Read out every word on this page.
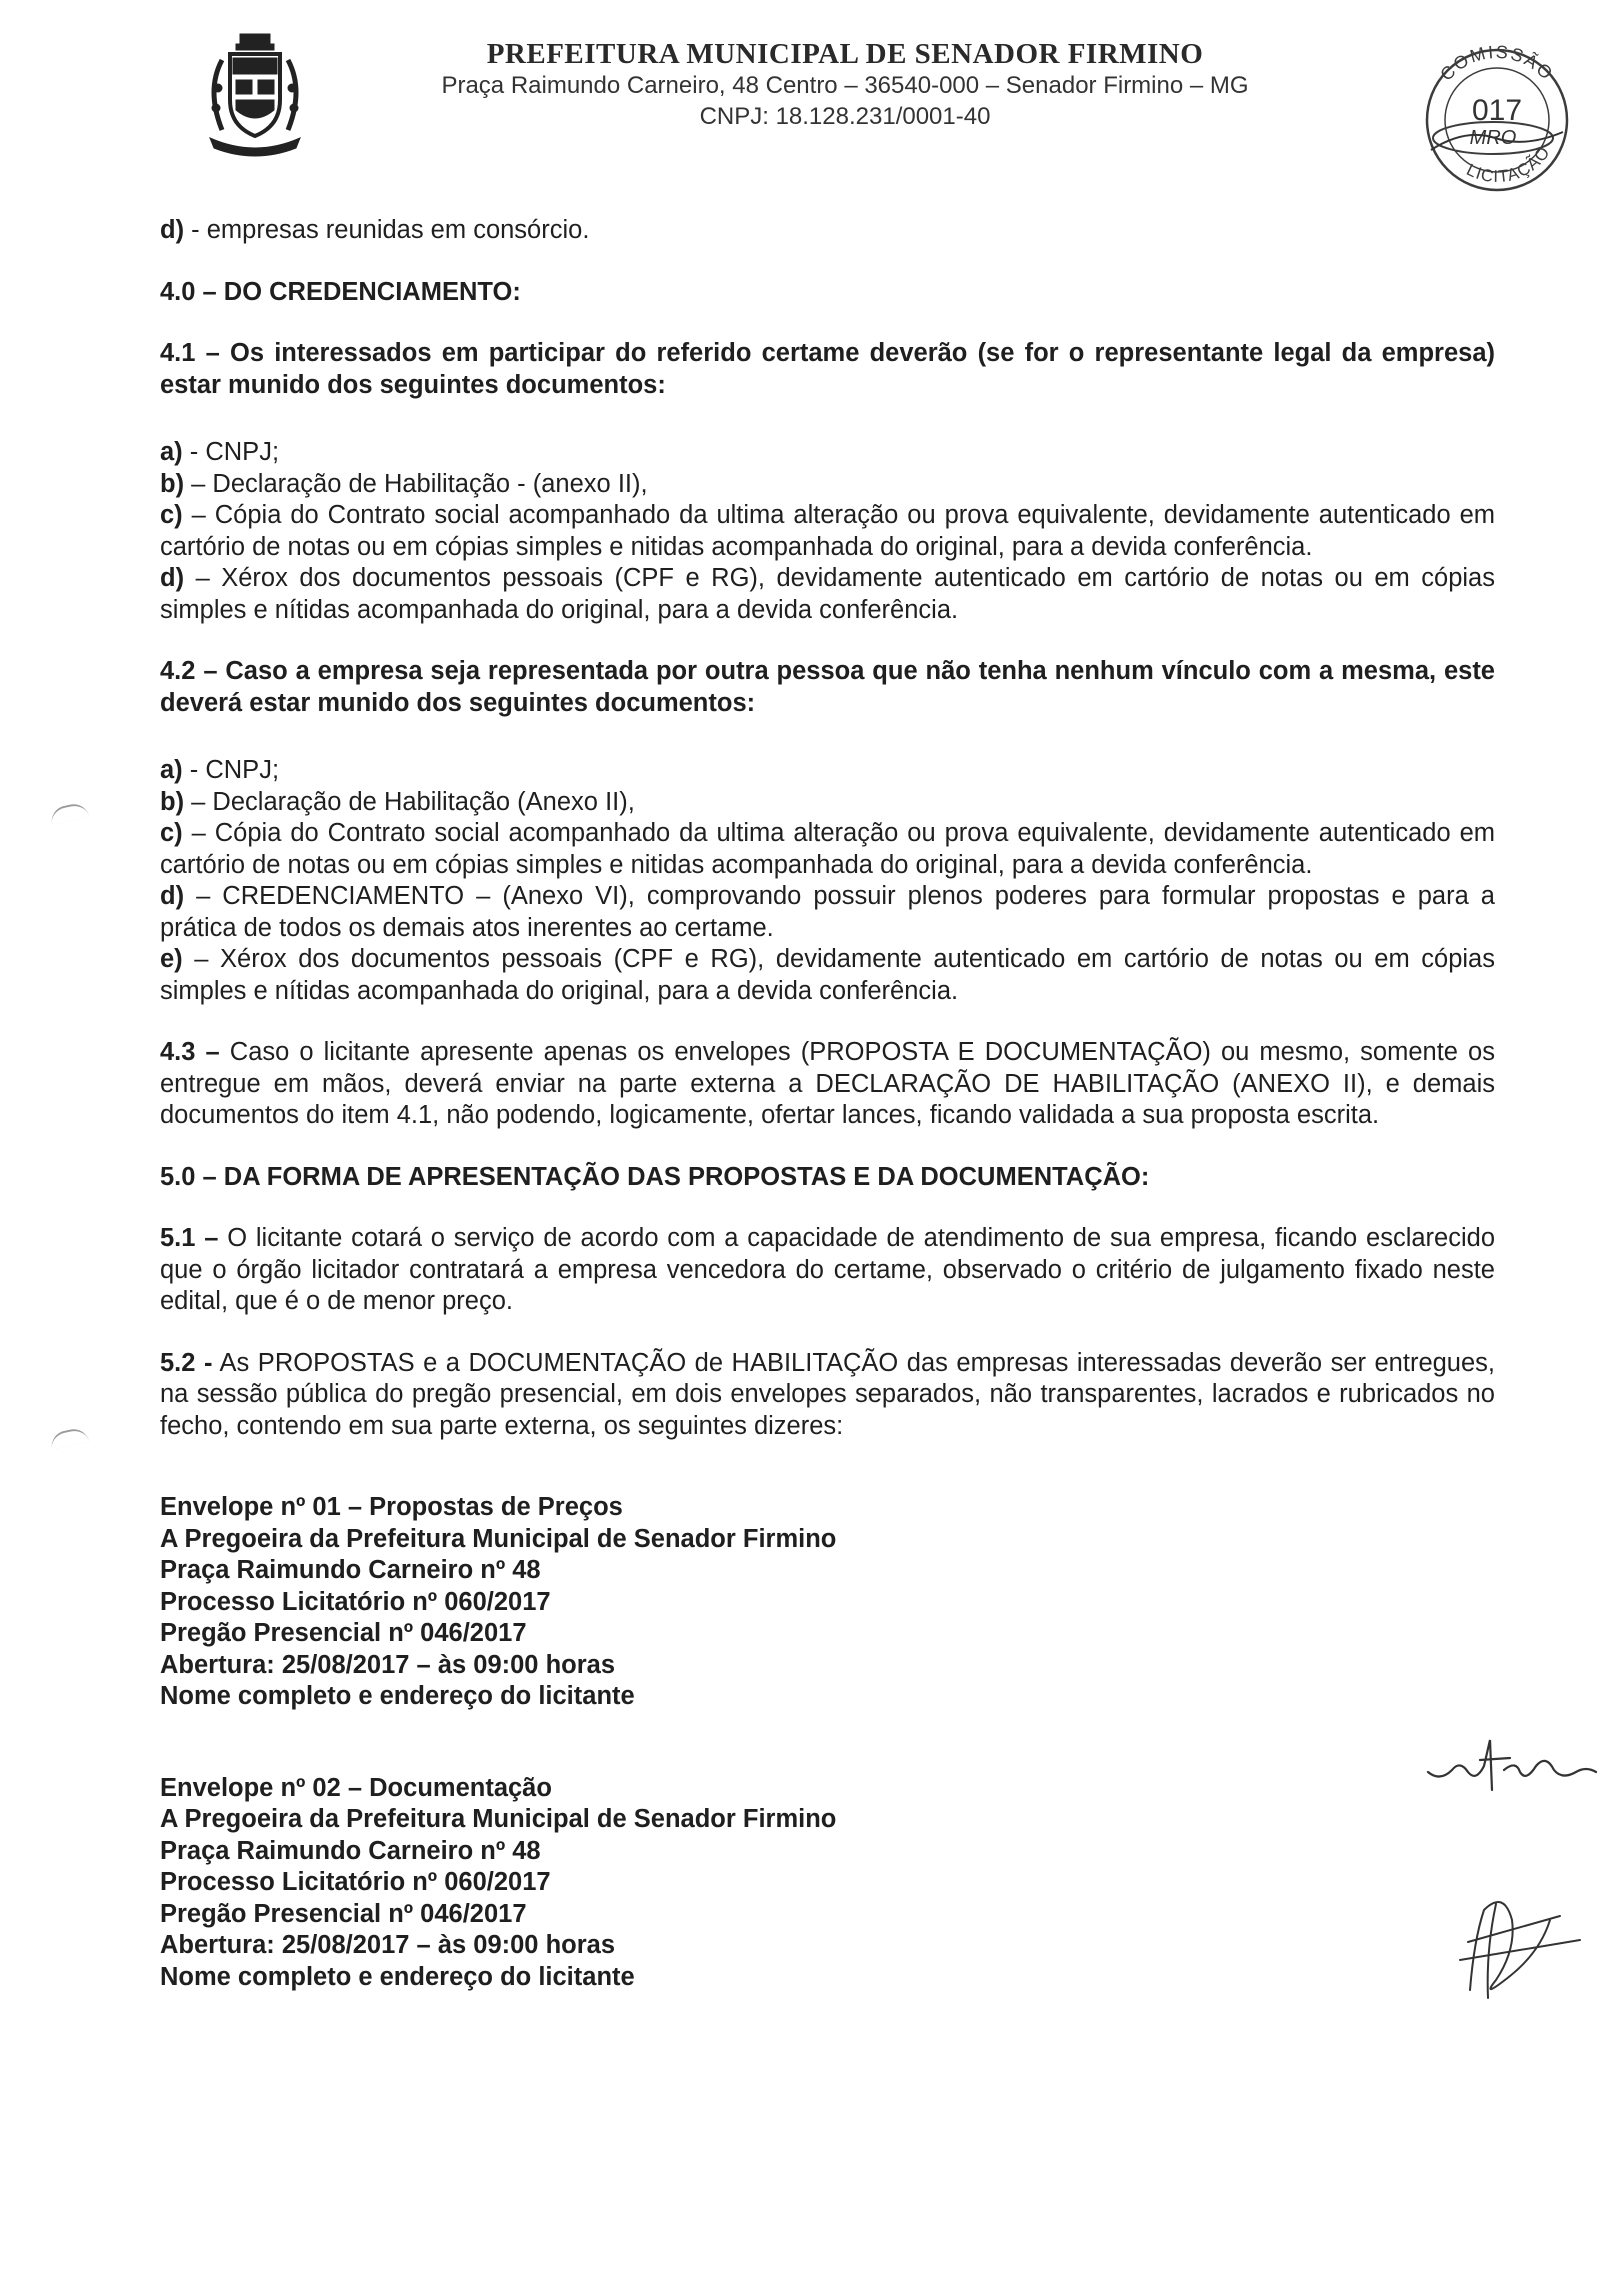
PREFEITURA MUNICIPAL DE SENADOR FIRMINO
Praça Raimundo Carneiro, 48 Centro – 36540-000 – Senador Firmino – MG
CNPJ: 18.128.231/0001-40
COMISSÃO
LICITAÇÃO
017
MRO

d) - empresas reunidas em consórcio.

4.0 – DO CREDENCIAMENTO:

4.1 – Os interessados em participar do referido certame deverão (se for o representante legal da empresa) estar munido dos seguintes documentos:

a) - CNPJ;

b) – Declaração de Habilitação - (anexo II),

c) – Cópia do Contrato social acompanhado da ultima alteração ou prova equivalente, devidamente autenticado em cartório de notas ou em cópias simples e nitidas acompanhada do original, para a devida conferência.

d) – Xérox dos documentos pessoais (CPF e RG), devidamente autenticado em cartório de notas ou em cópias simples e nítidas acompanhada do original, para a devida conferência.

4.2 – Caso a empresa seja representada por outra pessoa que não tenha nenhum vínculo com a mesma, este deverá estar munido dos seguintes documentos:

a) - CNPJ;

b) – Declaração de Habilitação (Anexo II),

c) – Cópia do Contrato social acompanhado da ultima alteração ou prova equivalente, devidamente autenticado em cartório de notas ou em cópias simples e nitidas acompanhada do original, para a devida conferência.

d) – CREDENCIAMENTO – (Anexo VI), comprovando possuir plenos poderes para formular propostas e para a prática de todos os demais atos inerentes ao certame.

e) – Xérox dos documentos pessoais (CPF e RG), devidamente autenticado em cartório de notas ou em cópias simples e nítidas acompanhada do original, para a devida conferência.

4.3 – Caso o licitante apresente apenas os envelopes (PROPOSTA E DOCUMENTAÇÃO) ou mesmo, somente os entregue em mãos, deverá enviar na parte externa a DECLARAÇÃO DE HABILITAÇÃO (ANEXO II), e demais documentos do item 4.1, não podendo, logicamente, ofertar lances, ficando validada a sua proposta escrita.

5.0 – DA FORMA DE APRESENTAÇÃO DAS PROPOSTAS E DA DOCUMENTAÇÃO:

5.1 – O licitante cotará o serviço de acordo com a capacidade de atendimento de sua empresa, ficando esclarecido que o órgão licitador contratará a empresa vencedora do certame, observado o critério de julgamento fixado neste edital, que é o de menor preço.

5.2 - As PROPOSTAS e a DOCUMENTAÇÃO de HABILITAÇÃO das empresas interessadas deverão ser entregues, na sessão pública do pregão presencial, em dois envelopes separados, não transparentes, lacrados e rubricados no fecho, contendo em sua parte externa, os seguintes dizeres:

Envelope nº 01 – Propostas de Preços

A Pregoeira da Prefeitura Municipal de Senador Firmino

Praça Raimundo Carneiro nº 48

Processo Licitatório nº 060/2017

Pregão Presencial nº 046/2017

Abertura: 25/08/2017 – às 09:00 horas

Nome completo e endereço do licitante

Envelope nº 02 – Documentação

A Pregoeira da Prefeitura Municipal de Senador Firmino

Praça Raimundo Carneiro nº 48

Processo Licitatório nº 060/2017

Pregão Presencial nº 046/2017

Abertura: 25/08/2017 – às 09:00 horas

Nome completo e endereço do licitante
